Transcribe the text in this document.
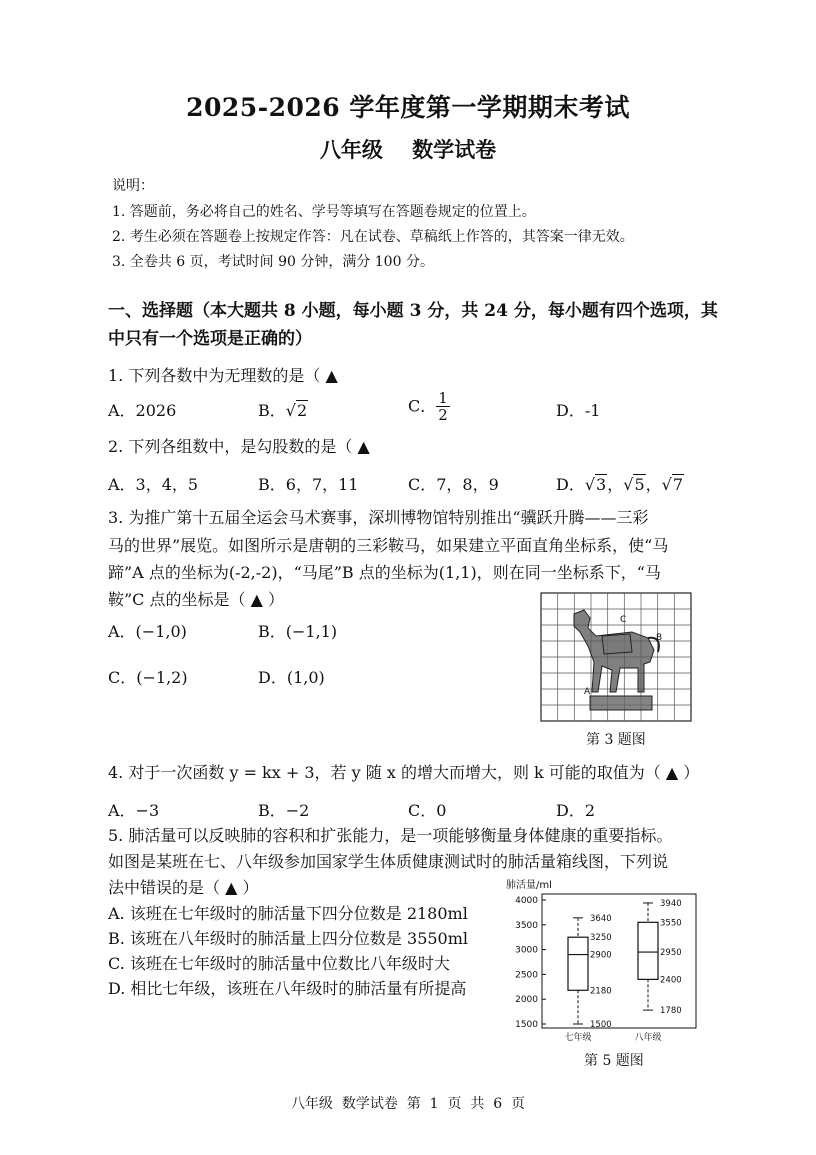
2025-2026 学年度第一学期期末考试
八年级    数学试卷
说明：
1. 答题前，务必将自己的姓名、学号等填写在答题卷规定的位置上。
2. 考生必须在答题卷上按规定作答：凡在试卷、草稿纸上作答的，其答案一律无效。
3. 全卷共 6 页，考试时间 90 分钟，满分 100 分。
一、选择题（本大题共 8 小题，每小题 3 分，共 24 分，每小题有四个选项，其
中只有一个选项是正确的）
1. 下列各数中为无理数的是（ ▲
A．2026	B．√2	C． $\frac{1}{2}$	D．-1
2. 下列各组数中，是勾股数的是（ ▲
A．3，4，5	B．6，7，11	C．7，8，9	D．√3，√5，√7
3. 为推广第十五届全运会马术赛事，深圳博物馆特别推出“骥跃升腾——三彩
马的世界”展览。如图所示是唐朝的三彩鞍马，如果建立平面直角坐标系，使“马
蹄”A 点的坐标为(-2,-2)，“马尾”B 点的坐标为(1,1)，则在同一坐标系下，“马
鞍”C 点的坐标是（ ▲ ）
A．(−1,0)	B．(−1,1)
C．(−1,2)	D．(1,0)
C
B
A
第 3 题图
4. 对于一次函数 y = kx + 3，若 y 随 x 的增大而增大，则 k 可能的取值为（ ▲ ）
A．−3	B．−2	C．0	D．2
5. 肺活量可以反映肺的容积和扩张能力，是一项能够衡量身体健康的重要指标。
如图是某班在七、八年级参加国家学生体质健康测试时的肺活量箱线图，下列说
法中错误的是（ ▲ ）
A. 该班在七年级时的肺活量下四分位数是 2180ml
B. 该班在八年级时的肺活量上四分位数是 3550ml
C. 该班在七年级时的肺活量中位数比八年级时大
D. 相比七年级，该班在八年级时的肺活量有所提高
肺活量/ml
4000
3500
3000
2500
2000
1500
3640
3250
2900
2180
1500
七年级
3940
3550
2950
2400
1780
八年级
第 5 题图
八年级  数学试卷  第  1  页  共  6  页
